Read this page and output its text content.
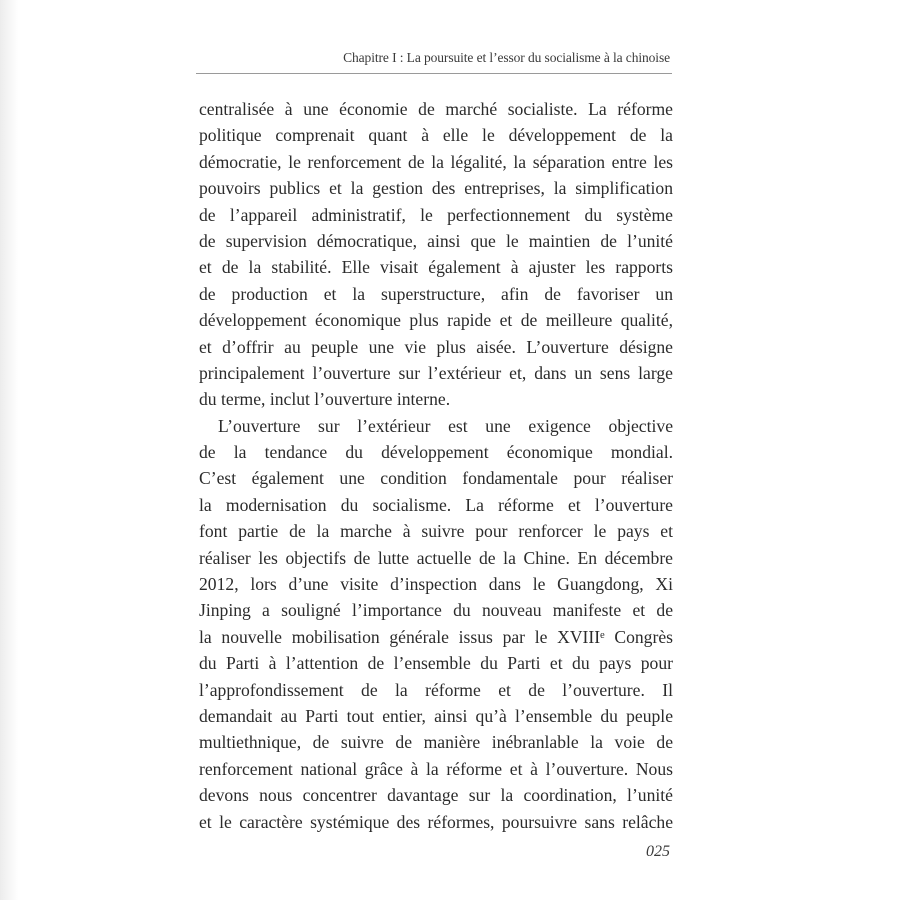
Chapitre I : La poursuite et l’essor du socialisme à la chinoise
centralisée à une économie de marché socialiste. La réforme
politique comprenait quant à elle le développement de la
démocratie, le renforcement de la légalité, la séparation entre les
pouvoirs publics et la gestion des entreprises, la simplification
de l’appareil administratif, le perfectionnement du système
de supervision démocratique, ainsi que le maintien de l’unité
et de la stabilité. Elle visait également à ajuster les rapports
de production et la superstructure, afin de favoriser un
développement économique plus rapide et de meilleure qualité,
et d’offrir au peuple une vie plus aisée. L’ouverture désigne
principalement l’ouverture sur l’extérieur et, dans un sens large
du terme, inclut l’ouverture interne.
L’ouverture sur l’extérieur est une exigence objective
de la tendance du développement économique mondial.
C’est également une condition fondamentale pour réaliser
la modernisation du socialisme. La réforme et l’ouverture
font partie de la marche à suivre pour renforcer le pays et
réaliser les objectifs de lutte actuelle de la Chine. En décembre
2012, lors d’une visite d’inspection dans le Guangdong, Xi
Jinping a souligné l’importance du nouveau manifeste et de
la nouvelle mobilisation générale issus par le XVIIIᵉ Congrès
du Parti à l’attention de l’ensemble du Parti et du pays pour
l’approfondissement de la réforme et de l’ouverture. Il
demandait au Parti tout entier, ainsi qu’à l’ensemble du peuple
multiethnique, de suivre de manière inébranlable la voie de
renforcement national grâce à la réforme et à l’ouverture. Nous
devons nous concentrer davantage sur la coordination, l’unité
et le caractère systémique des réformes, poursuivre sans relâche
025
